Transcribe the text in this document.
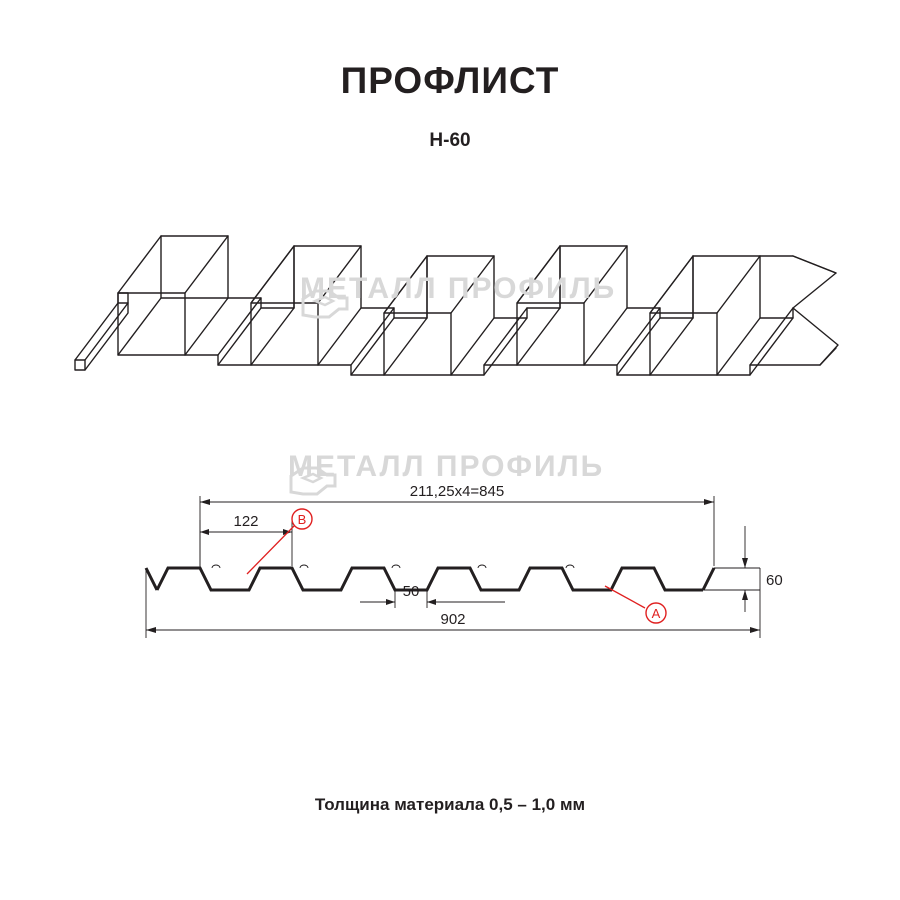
ПРОФЛИСТ
Н-60
211,25х4=845
122
50
60
902
B
A
МЕТАЛЛ ПРОФИЛЬ
МЕТАЛЛ ПРОФИЛЬ
Толщина материала 0,5 – 1,0 мм
